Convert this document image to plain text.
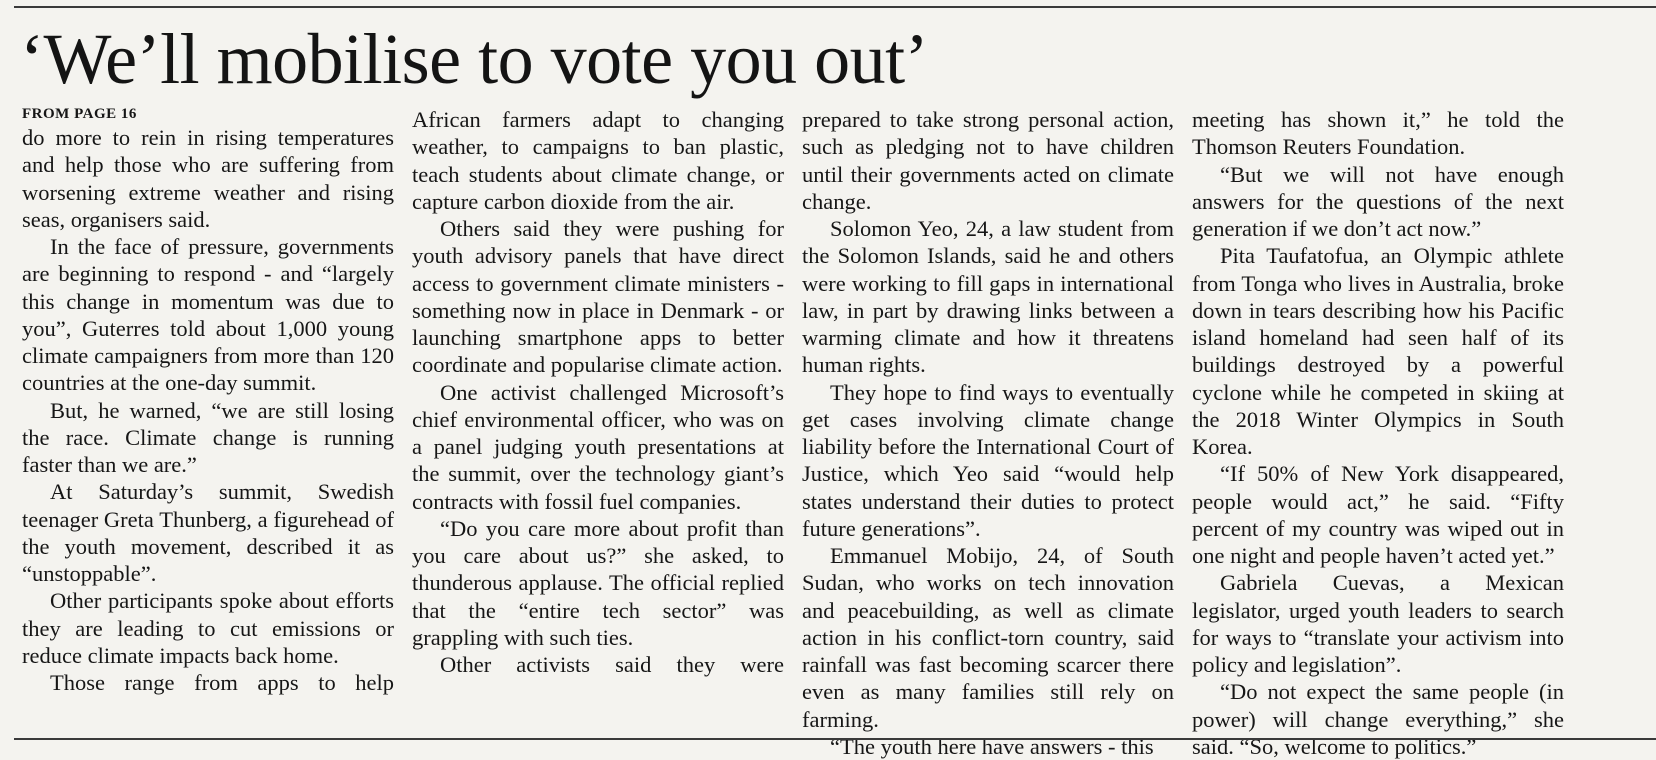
‘We’ll mobilise to vote you out’
FROM PAGE 16

do more to rein in rising temperatures and help those who are suffering from worsening extreme weather and rising seas, organisers said.

In the face of pressure, governments are beginning to respond - and “largely this change in momentum was due to you”, Guterres told about 1,000 young climate campaigners from more than 120 countries at the one-day summit.

But, he warned, “we are still losing the race. Climate change is running faster than we are.”

At Saturday’s summit, Swedish teenager Greta Thunberg, a figurehead of the youth movement, described it as “unstoppable”.

Other participants spoke about efforts they are leading to cut emissions or reduce climate impacts back home.

Those range from apps to help

African farmers adapt to changing weather, to campaigns to ban plastic, teach students about climate change, or capture carbon dioxide from the air.

Others said they were pushing for youth advisory panels that have direct access to government climate ministers - something now in place in Denmark - or launching smartphone apps to better coordinate and popularise climate action.

One activist challenged Microsoft’s chief environmental officer, who was on a panel judging youth presentations at the summit, over the technology giant’s contracts with fossil fuel companies.

“Do you care more about profit than you care about us?” she asked, to thunderous applause. The official replied that the “entire tech sector” was grappling with such ties.

Other activists said they were

prepared to take strong personal action, such as pledging not to have children until their governments acted on climate change.

Solomon Yeo, 24, a law student from the Solomon Islands, said he and others were working to fill gaps in international law, in part by drawing links between a warming climate and how it threatens human rights.

They hope to find ways to eventually get cases involving climate change liability before the International Court of Justice, which Yeo said “would help states understand their duties to protect future generations”.

Emmanuel Mobijo, 24, of South Sudan, who works on tech innovation and peacebuilding, as well as climate action in his conflict-torn country, said rainfall was fast becoming scarcer there even as many families still rely on farming.

“The youth here have answers - this

meeting has shown it,” he told the Thomson Reuters Foundation.

“But we will not have enough answers for the questions of the next generation if we don’t act now.”

Pita Taufatofua, an Olympic athlete from Tonga who lives in Australia, broke down in tears describing how his Pacific island homeland had seen half of its buildings destroyed by a powerful cyclone while he competed in skiing at the 2018 Winter Olympics in South Korea.

“If 50% of New York disappeared, people would act,” he said. “Fifty percent of my country was wiped out in one night and people haven’t acted yet.”

Gabriela Cuevas, a Mexican legislator, urged youth leaders to search for ways to “translate your activism into policy and legislation”.

“Do not expect the same people (in power) will change everything,” she said. “So, welcome to politics.”
